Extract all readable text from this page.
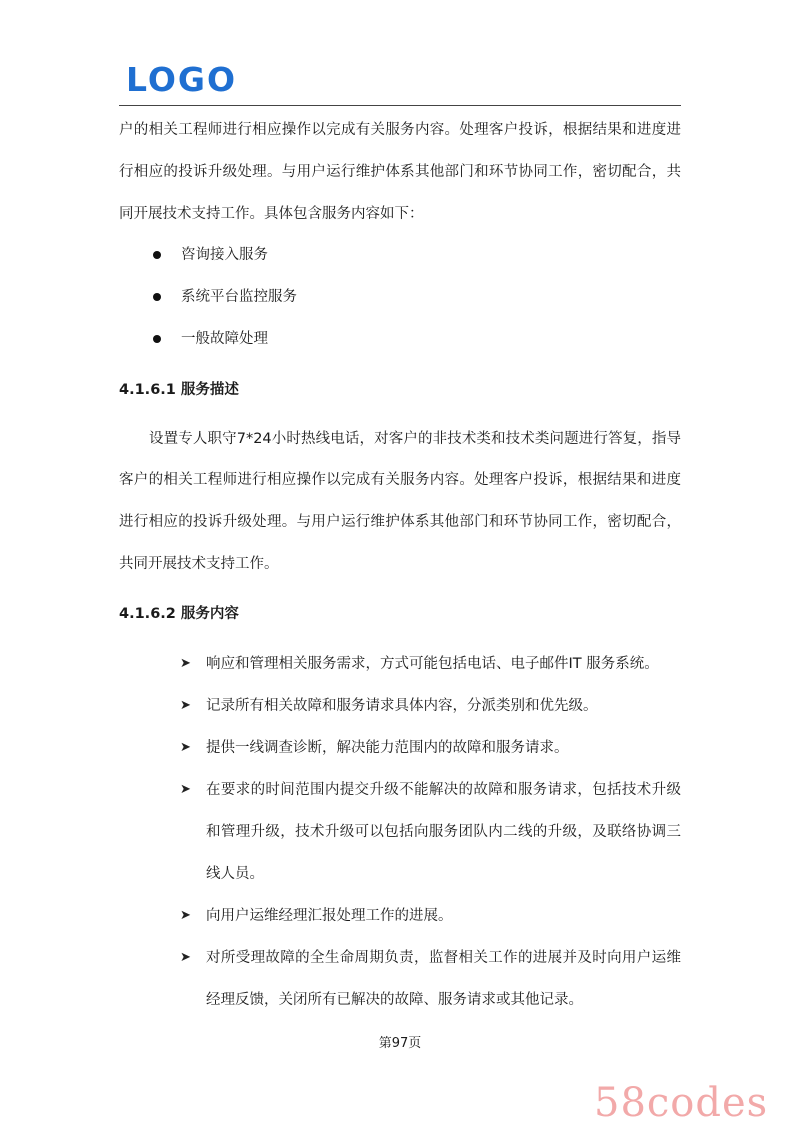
LOGO
户的相关工程师进行相应操作以完成有关服务内容。处理客户投诉，根据结果和进度进
行相应的投诉升级处理。与用户运行维护体系其他部门和环节协同工作，密切配合，共
同开展技术支持工作。具体包含服务内容如下：
咨询接入服务
系统平台监控服务
一般故障处理
4.1.6.1 服务描述
设置专人职守7*24小时热线电话，对客户的非技术类和技术类问题进行答复，指导
客户的相关工程师进行相应操作以完成有关服务内容。处理客户投诉，根据结果和进度
进行相应的投诉升级处理。与用户运行维护体系其他部门和环节协同工作，密切配合，
共同开展技术支持工作。
4.1.6.2 服务内容
➤ 响应和管理相关服务需求，方式可能包括电话、电子邮件IT 服务系统。
➤ 记录所有相关故障和服务请求具体内容，分派类别和优先级。
➤ 提供一线调查诊断，解决能力范围内的故障和服务请求。
➤ 在要求的时间范围内提交升级不能解决的故障和服务请求，包括技术升级
和管理升级，技术升级可以包括向服务团队内二线的升级，及联络协调三
线人员。
➤ 向用户运维经理汇报处理工作的进展。
➤ 对所受理故障的全生命周期负责，监督相关工作的进展并及时向用户运维
经理反馈，关闭所有已解决的故障、服务请求或其他记录。
第97页
58codes
